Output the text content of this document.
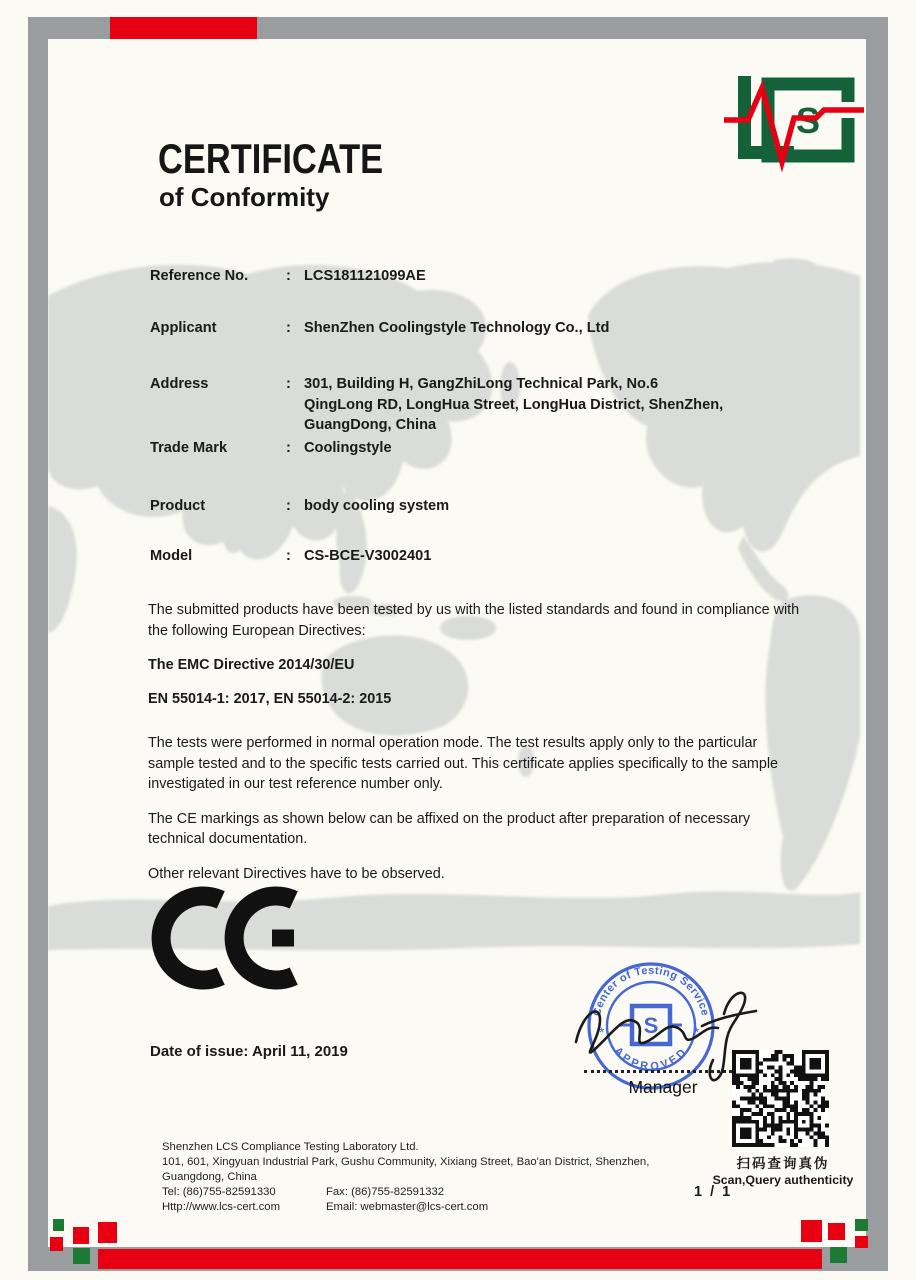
S
CERTIFICATE
of Conformity
Reference No.	: LCS181121099AE
Applicant	: ShenZhen Coolingstyle Technology Co., Ltd
Address	: 301, Building H, GangZhiLong Technical Park, No.6 QingLong RD, LongHua Street, LongHua District, ShenZhen, GuangDong, China
Trade Mark	: Coolingstyle
Product	: body cooling system
Model	: CS-BCE-V3002401

The submitted products have been tested by us with the listed standards and found in compliance with the following European Directives:

The EMC Directive 2014/30/EU

EN 55014-1: 2017, EN 55014-2: 2015

The tests were performed in normal operation mode. The test results apply only to the particular sample tested and to the specific tests carried out. This certificate applies specifically to the sample investigated in our test reference number only.

The CE markings as shown below can be affixed on the product after preparation of necessary technical documentation.

Other relevant Directives have to be observed.

Date of issue: April 11, 2019
Center of Testing Service
APPROVED
*	*
S
Manager
扫码查询真伪
Scan,Query authenticity
1 / 1
Shenzhen LCS Compliance Testing Laboratory Ltd.
101, 601, Xingyuan Industrial Park, Gushu Community, Xixiang Street, Bao'an District, Shenzhen,
Guangdong, China
Tel: (86)755-82591330	Fax: (86)755-82591332
Http://www.lcs-cert.com	Email: webmaster@lcs-cert.com
